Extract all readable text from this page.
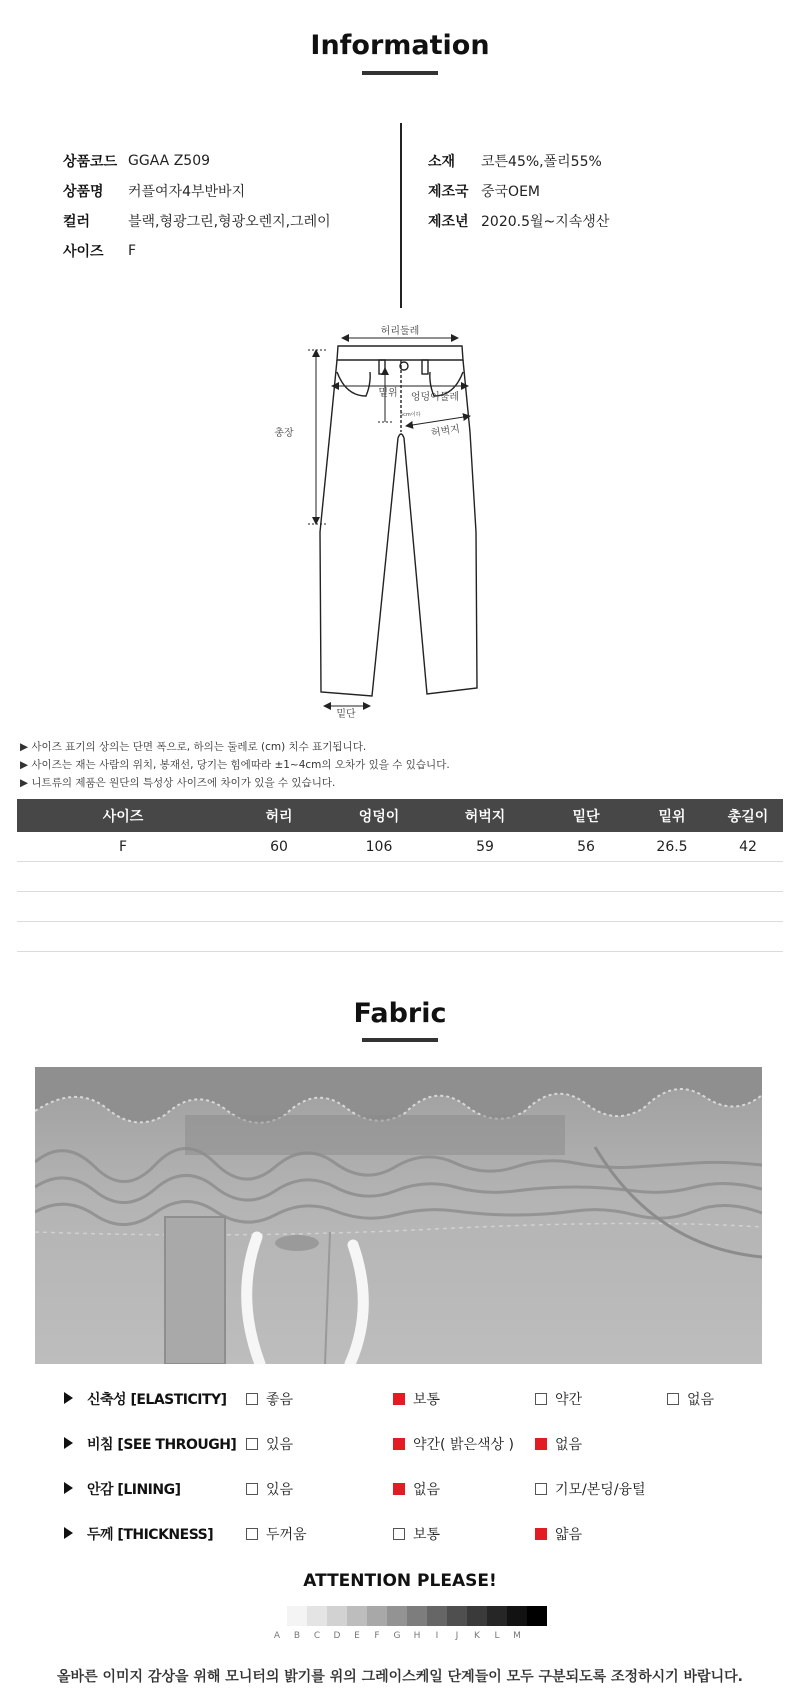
Information
상품코드 GGAA Z509
상품명	커플여자4부반바지
컬러	블랙,형광그린,형광오렌지,그레이
사이즈	F
소재	코튼45%,폴리55%
제조국 중국OEM
제조년 2020.5월~지속생산
허리둘레
밑위 엉덩이둘레
총장	허벅지
5cm이하
밑단
▶ 사이즈 표기의 상의는 단면 폭으로, 하의는 둘레로 (cm) 치수 표기됩니다.
▶ 사이즈는 재는 사람의 위치, 봉재선, 당기는 힘에따라 ±1~4cm의 오차가 있을 수 있습니다.
▶ 니트류의 제품은 원단의 특성상 사이즈에 차이가 있을 수 있습니다.
사이즈	허리	엉덩이	허벅지	밑단	밑위	총길이
F	60	106	59	56	26.5	42
Fabric
신축성 [ELASTICITY]	좋음	보통	약간	없음
비침 [SEE THROUGH] 있음	약간( 밝은색상 )	없음
안감 [LINING]	있음	없음	기모/본딩/융털
두께 [THICKNESS]	두꺼움	보통	얇음
ATTENTION PLEASE!
A	B	C	D	E	F	G	H	I	J	K	L	M
올바른 이미지 감상을 위해 모니터의 밝기를 위의 그레이스케일 단계들이 모두 구분되도록 조정하시기 바랍니다.
